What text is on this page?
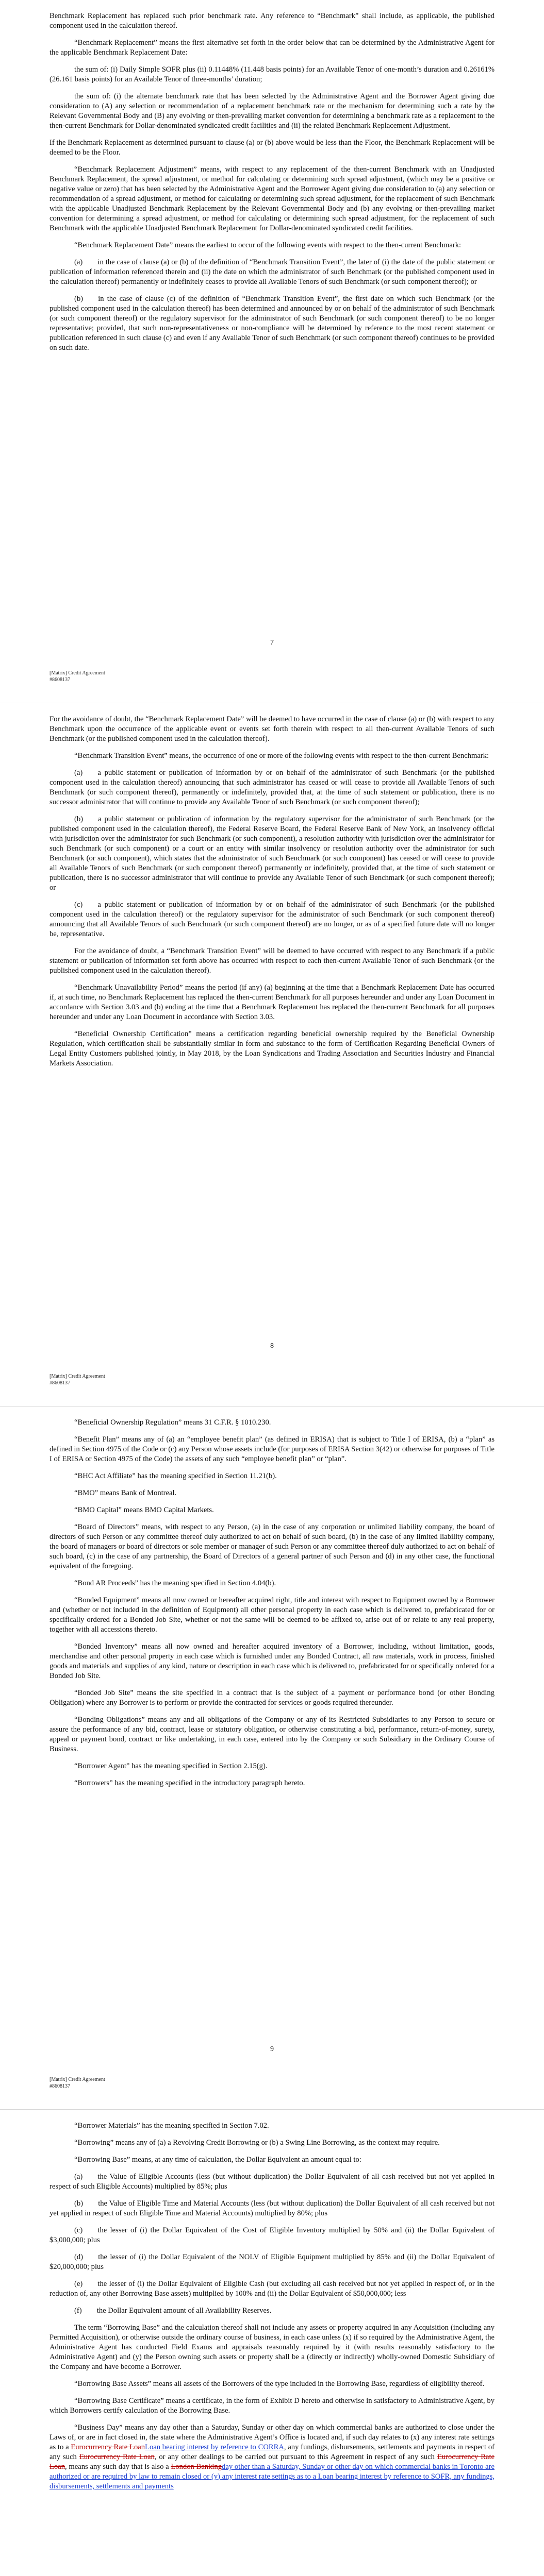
Benchmark Replacement has replaced such prior benchmark rate. Any reference to “Benchmark” shall include, as applicable, the published component used in the calculation thereof.

“Benchmark Replacement” means the first alternative set forth in the order below that can be determined by the Administrative Agent for the applicable Benchmark Replacement Date:

the sum of: (i) Daily Simple SOFR plus (ii) 0.11448% (11.448 basis points) for an Available Tenor of one-month’s duration and 0.26161% (26.161 basis points) for an Available Tenor of three-months’ duration;

the sum of: (i) the alternate benchmark rate that has been selected by the Administrative Agent and the Borrower Agent giving due consideration to (A) any selection or recommendation of a replacement benchmark rate or the mechanism for determining such a rate by the Relevant Governmental Body and (B) any evolving or then-prevailing market convention for determining a benchmark rate as a replacement to the then-current Benchmark for Dollar-denominated syndicated credit facilities and (ii) the related Benchmark Replacement Adjustment.

If the Benchmark Replacement as determined pursuant to clause (a) or (b) above would be less than the Floor, the Benchmark Replacement will be deemed to be the Floor.

“Benchmark Replacement Adjustment” means, with respect to any replacement of the then-current Benchmark with an Unadjusted Benchmark Replacement, the spread adjustment, or method for calculating or determining such spread adjustment, (which may be a positive or negative value or zero) that has been selected by the Administrative Agent and the Borrower Agent giving due consideration to (a) any selection or recommendation of a spread adjustment, or method for calculating or determining such spread adjustment, for the replacement of such Benchmark with the applicable Unadjusted Benchmark Replacement by the Relevant Governmental Body and (b) any evolving or then-prevailing market convention for determining a spread adjustment, or method for calculating or determining such spread adjustment, for the replacement of such Benchmark with the applicable Unadjusted Benchmark Replacement for Dollar-denominated syndicated credit facilities.

“Benchmark Replacement Date” means the earliest to occur of the following events with respect to the then-current Benchmark:

(a)  in the case of clause (a) or (b) of the definition of “Benchmark Transition Event”, the later of (i) the date of the public statement or publication of information referenced therein and (ii) the date on which the administrator of such Benchmark (or the published component used in the calculation thereof) permanently or indefinitely ceases to provide all Available Tenors of such Benchmark (or such component thereof); or

(b)  in the case of clause (c) of the definition of “Benchmark Transition Event”, the first date on which such Benchmark (or the published component used in the calculation thereof) has been determined and announced by or on behalf of the administrator of such Benchmark (or such component thereof) or the regulatory supervisor for the administrator of such Benchmark (or such component thereof) to be no longer representative; provided, that such non-representativeness or non-compliance will be determined by reference to the most recent statement or publication referenced in such clause (c) and even if any Available Tenor of such Benchmark (or such component thereof) continues to be provided on such date.

7
[Matrix] Credit Agreement
#8608137

For the avoidance of doubt, the “Benchmark Replacement Date” will be deemed to have occurred in the case of clause (a) or (b) with respect to any Benchmark upon the occurrence of the applicable event or events set forth therein with respect to all then-current Available Tenors of such Benchmark (or the published component used in the calculation thereof).

“Benchmark Transition Event” means, the occurrence of one or more of the following events with respect to the then-current Benchmark:

(a)  a public statement or publication of information by or on behalf of the administrator of such Benchmark (or the published component used in the calculation thereof) announcing that such administrator has ceased or will cease to provide all Available Tenors of such Benchmark (or such component thereof), permanently or indefinitely, provided that, at the time of such statement or publication, there is no successor administrator that will continue to provide any Available Tenor of such Benchmark (or such component thereof);

(b)  a public statement or publication of information by the regulatory supervisor for the administrator of such Benchmark (or the published component used in the calculation thereof), the Federal Reserve Board, the Federal Reserve Bank of New York, an insolvency official with jurisdiction over the administrator for such Benchmark (or such component), a resolution authority with jurisdiction over the administrator for such Benchmark (or such component) or a court or an entity with similar insolvency or resolution authority over the administrator for such Benchmark (or such component), which states that the administrator of such Benchmark (or such component) has ceased or will cease to provide all Available Tenors of such Benchmark (or such component thereof) permanently or indefinitely, provided that, at the time of such statement or publication, there is no successor administrator that will continue to provide any Available Tenor of such Benchmark (or such component thereof); or

(c)  a public statement or publication of information by or on behalf of the administrator of such Benchmark (or the published component used in the calculation thereof) or the regulatory supervisor for the administrator of such Benchmark (or such component thereof) announcing that all Available Tenors of such Benchmark (or such component thereof) are no longer, or as of a specified future date will no longer be, representative.

For the avoidance of doubt, a “Benchmark Transition Event” will be deemed to have occurred with respect to any Benchmark if a public statement or publication of information set forth above has occurred with respect to each then-current Available Tenor of such Benchmark (or the published component used in the calculation thereof).

“Benchmark Unavailability Period” means the period (if any) (a) beginning at the time that a Benchmark Replacement Date has occurred if, at such time, no Benchmark Replacement has replaced the then-current Benchmark for all purposes hereunder and under any Loan Document in accordance with Section 3.03 and (b) ending at the time that a Benchmark Replacement has replaced the then-current Benchmark for all purposes hereunder and under any Loan Document in accordance with Section 3.03.

“Beneficial Ownership Certification” means a certification regarding beneficial ownership required by the Beneficial Ownership Regulation, which certification shall be substantially similar in form and substance to the form of Certification Regarding Beneficial Owners of Legal Entity Customers published jointly, in May 2018, by the Loan Syndications and Trading Association and Securities Industry and Financial Markets Association.

8
[Matrix] Credit Agreement
#8608137

“Beneficial Ownership Regulation” means 31 C.F.R. § 1010.230.

“Benefit Plan” means any of (a) an “employee benefit plan” (as defined in ERISA) that is subject to Title I of ERISA, (b) a “plan” as defined in Section 4975 of the Code or (c) any Person whose assets include (for purposes of ERISA Section 3(42) or otherwise for purposes of Title I of ERISA or Section 4975 of the Code) the assets of any such “employee benefit plan” or “plan”.

“BHC Act Affiliate” has the meaning specified in Section 11.21(b).

“BMO” means Bank of Montreal.

“BMO Capital” means BMO Capital Markets.

“Board of Directors” means, with respect to any Person, (a) in the case of any corporation or unlimited liability company, the board of directors of such Person or any committee thereof duly authorized to act on behalf of such board, (b) in the case of any limited liability company, the board of managers or board of directors or sole member or manager of such Person or any committee thereof duly authorized to act on behalf of such board, (c) in the case of any partnership, the Board of Directors of a general partner of such Person and (d) in any other case, the functional equivalent of the foregoing.

“Bond AR Proceeds” has the meaning specified in Section 4.04(b).

“Bonded Equipment” means all now owned or hereafter acquired right, title and interest with respect to Equipment owned by a Borrower and (whether or not included in the definition of Equipment) all other personal property in each case which is delivered to, prefabricated for or specifically ordered for a Bonded Job Site, whether or not the same will be deemed to be affixed to, arise out of or relate to any real property, together with all accessions thereto.

“Bonded Inventory” means all now owned and hereafter acquired inventory of a Borrower, including, without limitation, goods, merchandise and other personal property in each case which is furnished under any Bonded Contract, all raw materials, work in process, finished goods and materials and supplies of any kind, nature or description in each case which is delivered to, prefabricated for or specifically ordered for a Bonded Job Site.

“Bonded Job Site” means the site specified in a contract that is the subject of a payment or performance bond (or other Bonding Obligation) where any Borrower is to perform or provide the contracted for services or goods required thereunder.

“Bonding Obligations” means any and all obligations of the Company or any of its Restricted Subsidiaries to any Person to secure or assure the performance of any bid, contract, lease or statutory obligation, or otherwise constituting a bid, performance, return-of-money, surety, appeal or payment bond, contract or like undertaking, in each case, entered into by the Company or such Subsidiary in the Ordinary Course of Business.

“Borrower Agent” has the meaning specified in Section 2.15(g).

“Borrowers” has the meaning specified in the introductory paragraph hereto.

9
[Matrix] Credit Agreement
#8608137

“Borrower Materials” has the meaning specified in Section 7.02.

“Borrowing” means any of (a) a Revolving Credit Borrowing or (b) a Swing Line Borrowing, as the context may require.

“Borrowing Base” means, at any time of calculation, the Dollar Equivalent an amount equal to:

(a)  the Value of Eligible Accounts (less (but without duplication) the Dollar Equivalent of all cash received but not yet applied in respect of such Eligible Accounts) multiplied by 85%; plus

(b)  the Value of Eligible Time and Material Accounts (less (but without duplication) the Dollar Equivalent of all cash received but not yet applied in respect of such Eligible Time and Material Accounts) multiplied by 80%; plus

(c)  the lesser of (i) the Dollar Equivalent of the Cost of Eligible Inventory multiplied by 50% and (ii) the Dollar Equivalent of $3,000,000; plus

(d)  the lesser of (i) the Dollar Equivalent of the NOLV of Eligible Equipment multiplied by 85% and (ii) the Dollar Equivalent of $20,000,000; plus

(e)  the lesser of (i) the Dollar Equivalent of Eligible Cash (but excluding all cash received but not yet applied in respect of, or in the reduction of, any other Borrowing Base assets) multiplied by 100% and (ii) the Dollar Equivalent of $50,000,000; less

(f)  the Dollar Equivalent amount of all Availability Reserves.

The term “Borrowing Base” and the calculation thereof shall not include any assets or property acquired in any Acquisition (including any Permitted Acquisition), or otherwise outside the ordinary course of business, in each case unless (x) if so required by the Administrative Agent, the Administrative Agent has conducted Field Exams and appraisals reasonably required by it (with results reasonably satisfactory to the Administrative Agent) and (y) the Person owning such assets or property shall be a (directly or indirectly) wholly-owned Domestic Subsidiary of the Company and have become a Borrower.

“Borrowing Base Assets” means all assets of the Borrowers of the type included in the Borrowing Base, regardless of eligibility thereof.

“Borrowing Base Certificate” means a certificate, in the form of Exhibit D hereto and otherwise in satisfactory to Administrative Agent, by which Borrowers certify calculation of the Borrowing Base.

“Business Day” means any day other than a Saturday, Sunday or other day on which commercial banks are authorized to close under the Laws of, or are in fact closed in, the state where the Administrative Agent’s Office is located and, if such day relates to (x) any interest rate settings as to a Eurocurrency Rate LoanLoan bearing interest by reference to CORRA, any fundings, disbursements, settlements and payments in respect of any such Eurocurrency Rate Loan, or any other dealings to be carried out pursuant to this Agreement in respect of any such Eurocurrency Rate Loan, means any such day that is also a London Bankingday other than a Saturday, Sunday or other day on which commercial banks in Toronto are authorized or are required by law to remain closed or (y) any interest rate settings as to a Loan bearing interest by reference to SOFR, any fundings, disbursements, settlements and payments
